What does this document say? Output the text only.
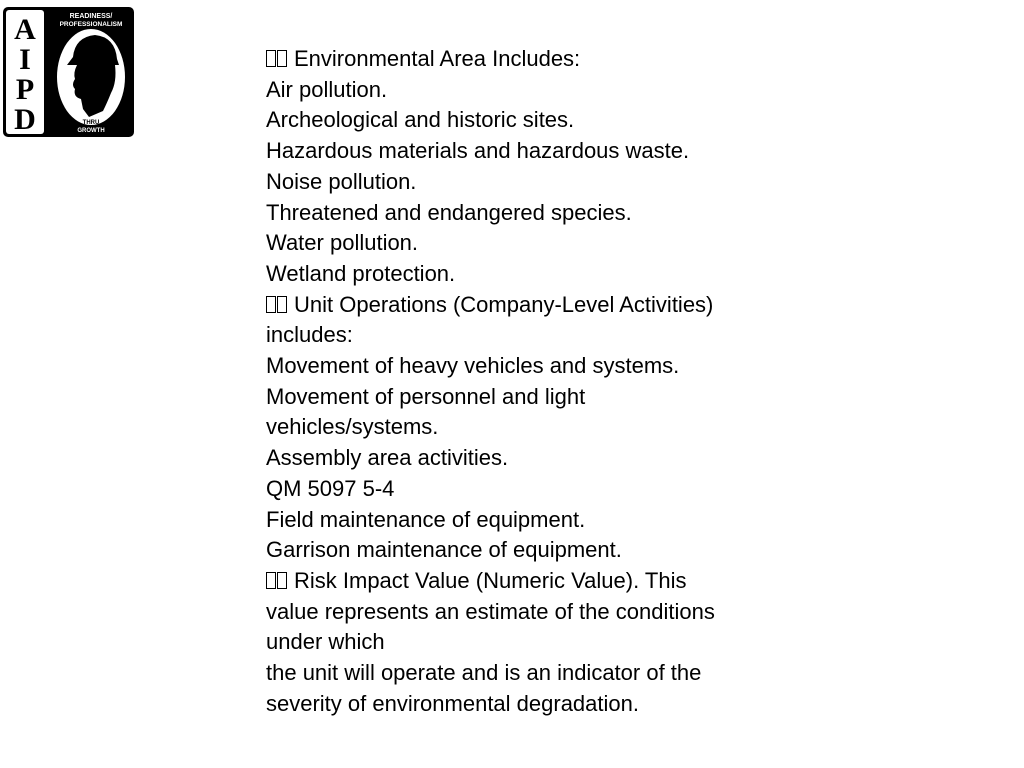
A
I
P
D
READINESS/
PROFESSIONALISM
THRU
GROWTH
Environmental Area Includes:
Air pollution.
Archeological and historic sites.
Hazardous materials and hazardous waste.
Noise pollution.
Threatened and endangered species.
Water pollution.
Wetland protection.
Unit Operations (Company-Level Activities)
includes:
Movement of heavy vehicles and systems.
Movement of personnel and light
vehicles/systems.
Assembly area activities.
QM 5097 5-4
Field maintenance of equipment.
Garrison maintenance of equipment.
Risk Impact Value (Numeric Value). This
value represents an estimate of the conditions
under which
the unit will operate and is an indicator of the
severity of environmental degradation.
